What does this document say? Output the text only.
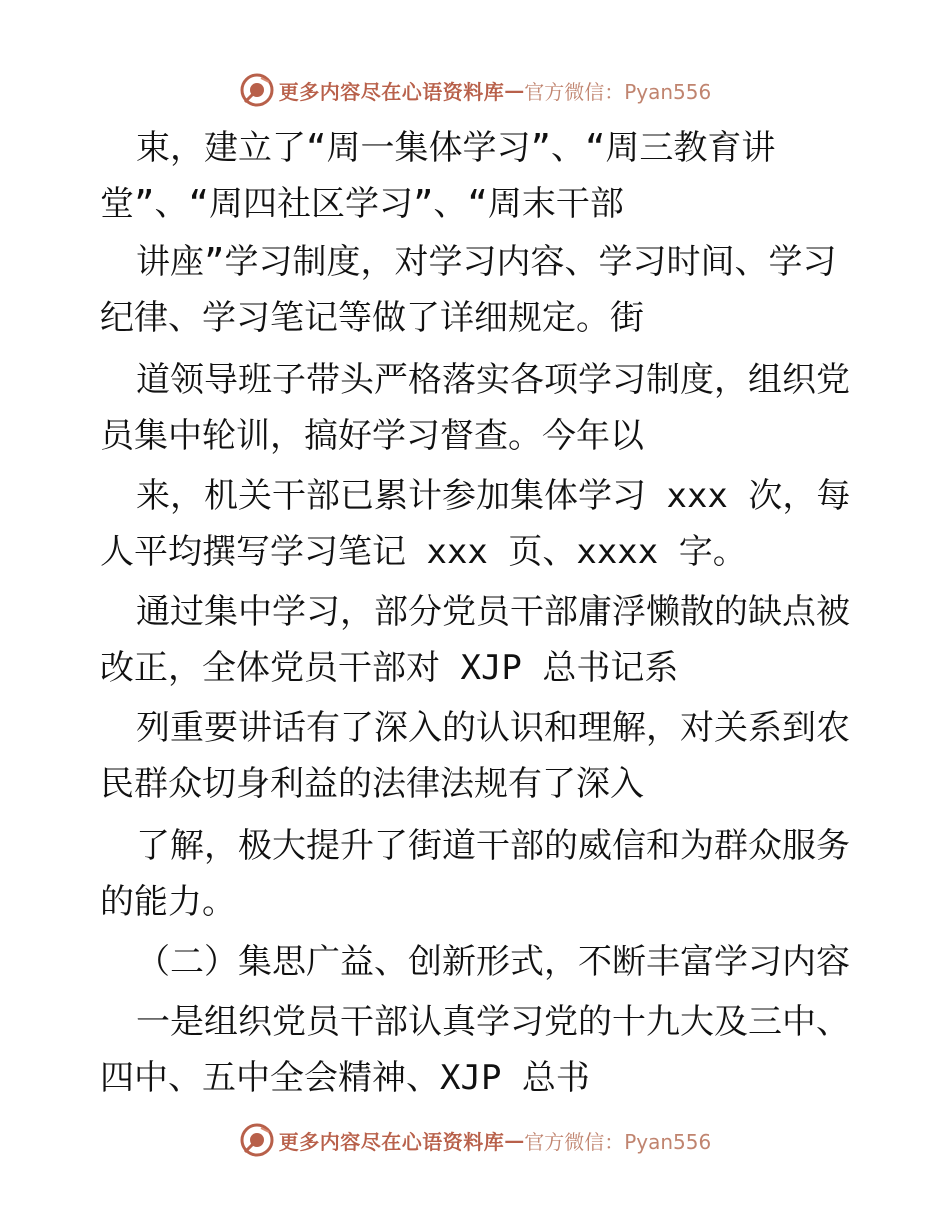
更多内容尽在心语资料库 — 官方微信：Pyan556
束，建立了“周一集体学习”、“周三教育讲
堂”、“周四社区学习”、“周末干部
讲座”学习制度，对学习内容、学习时间、学习
纪律、学习笔记等做了详细规定。街
道领导班子带头严格落实各项学习制度，组织党
员集中轮训，搞好学习督查。今年以
来，机关干部已累计参加集体学习 xxx 次，每
人平均撰写学习笔记 xxx 页、xxxx 字。
通过集中学习，部分党员干部庸浮懒散的缺点被
改正，全体党员干部对 XJP 总书记系
列重要讲话有了深入的认识和理解，对关系到农
民群众切身利益的法律法规有了深入
了解，极大提升了街道干部的威信和为群众服务
的能力。
（二）集思广益、创新形式，不断丰富学习内容
一是组织党员干部认真学习党的十九大及三中、
四中、五中全会精神、XJP 总书
更多内容尽在心语资料库 — 官方微信：Pyan556
